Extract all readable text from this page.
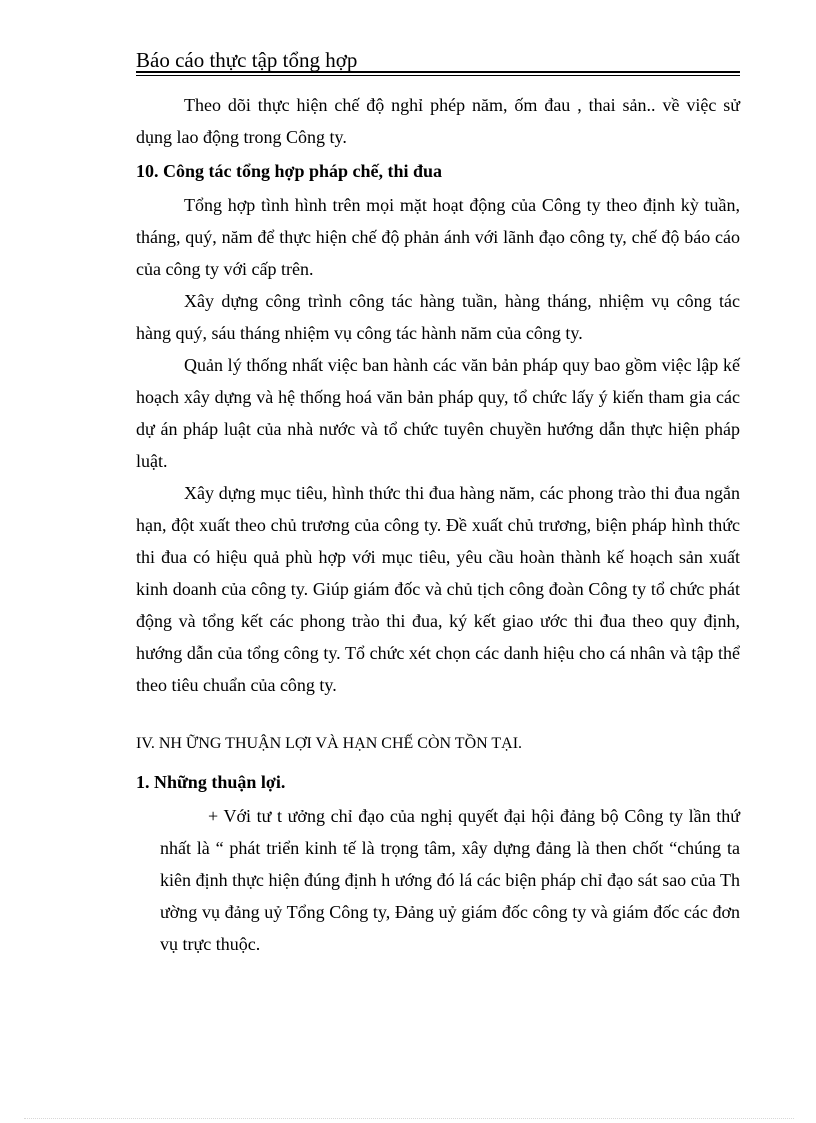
Báo cáo thực tập tổng hợp

Theo dõi thực hiện chế độ nghỉ phép năm, ốm đau , thai sản.. về việc sử dụng lao động trong Công ty.

10. Công tác tổng hợp pháp chế, thi đua

Tổng hợp tình hình trên mọi mặt hoạt động của Công ty theo định kỳ tuần, tháng, quý, năm để thực hiện chế độ phản ánh với lãnh đạo công ty, chế độ báo cáo của công ty với cấp trên.

Xây dựng công trình công tác hàng tuần, hàng tháng, nhiệm vụ công tác hàng quý, sáu tháng nhiệm vụ công tác hành năm của công ty.

Quản lý thống nhất việc ban hành các văn bản pháp quy bao gồm việc lập kế hoạch xây dựng và hệ thống hoá văn bản pháp quy, tổ chức lấy ý kiến tham gia các dự án pháp luật của nhà nước và tổ chức tuyên chuyền hướng dẫn thực hiện pháp luật.

Xây dựng mục tiêu, hình thức thi đua hàng năm, các phong trào thi đua ngắn hạn, đột xuất theo chủ trương của công ty. Đề xuất chủ trương, biện pháp hình thức thi đua có hiệu quả phù hợp với mục tiêu, yêu cầu hoàn thành kế hoạch sản xuất kinh doanh của công ty. Giúp giám đốc và chủ tịch công đoàn Công ty tổ chức phát động và tổng kết các phong trào thi đua, ký kết giao ước thi đua theo quy định, hướng dẫn của tổng công ty. Tổ chức xét chọn các danh hiệu cho cá nhân và tập thể theo tiêu chuẩn của công ty.

IV. NH ỮNG THUẬN LỢI VÀ HẠN CHẾ CÒN TỒN TẠI.

1. Những thuận lợi.

+ Với tư t ưởng chỉ đạo của nghị quyết đại hội đảng bộ Công ty lần thứ nhất là “ phát triển kinh tế là trọng tâm, xây dựng đảng là then chốt “chúng ta kiên định thực hiện đúng định h ướng đó lá các biện pháp chỉ đạo sát sao của Th ường vụ đảng uỷ Tổng Công ty, Đảng uỷ giám đốc công ty và giám đốc các đơn vụ trực thuộc.
